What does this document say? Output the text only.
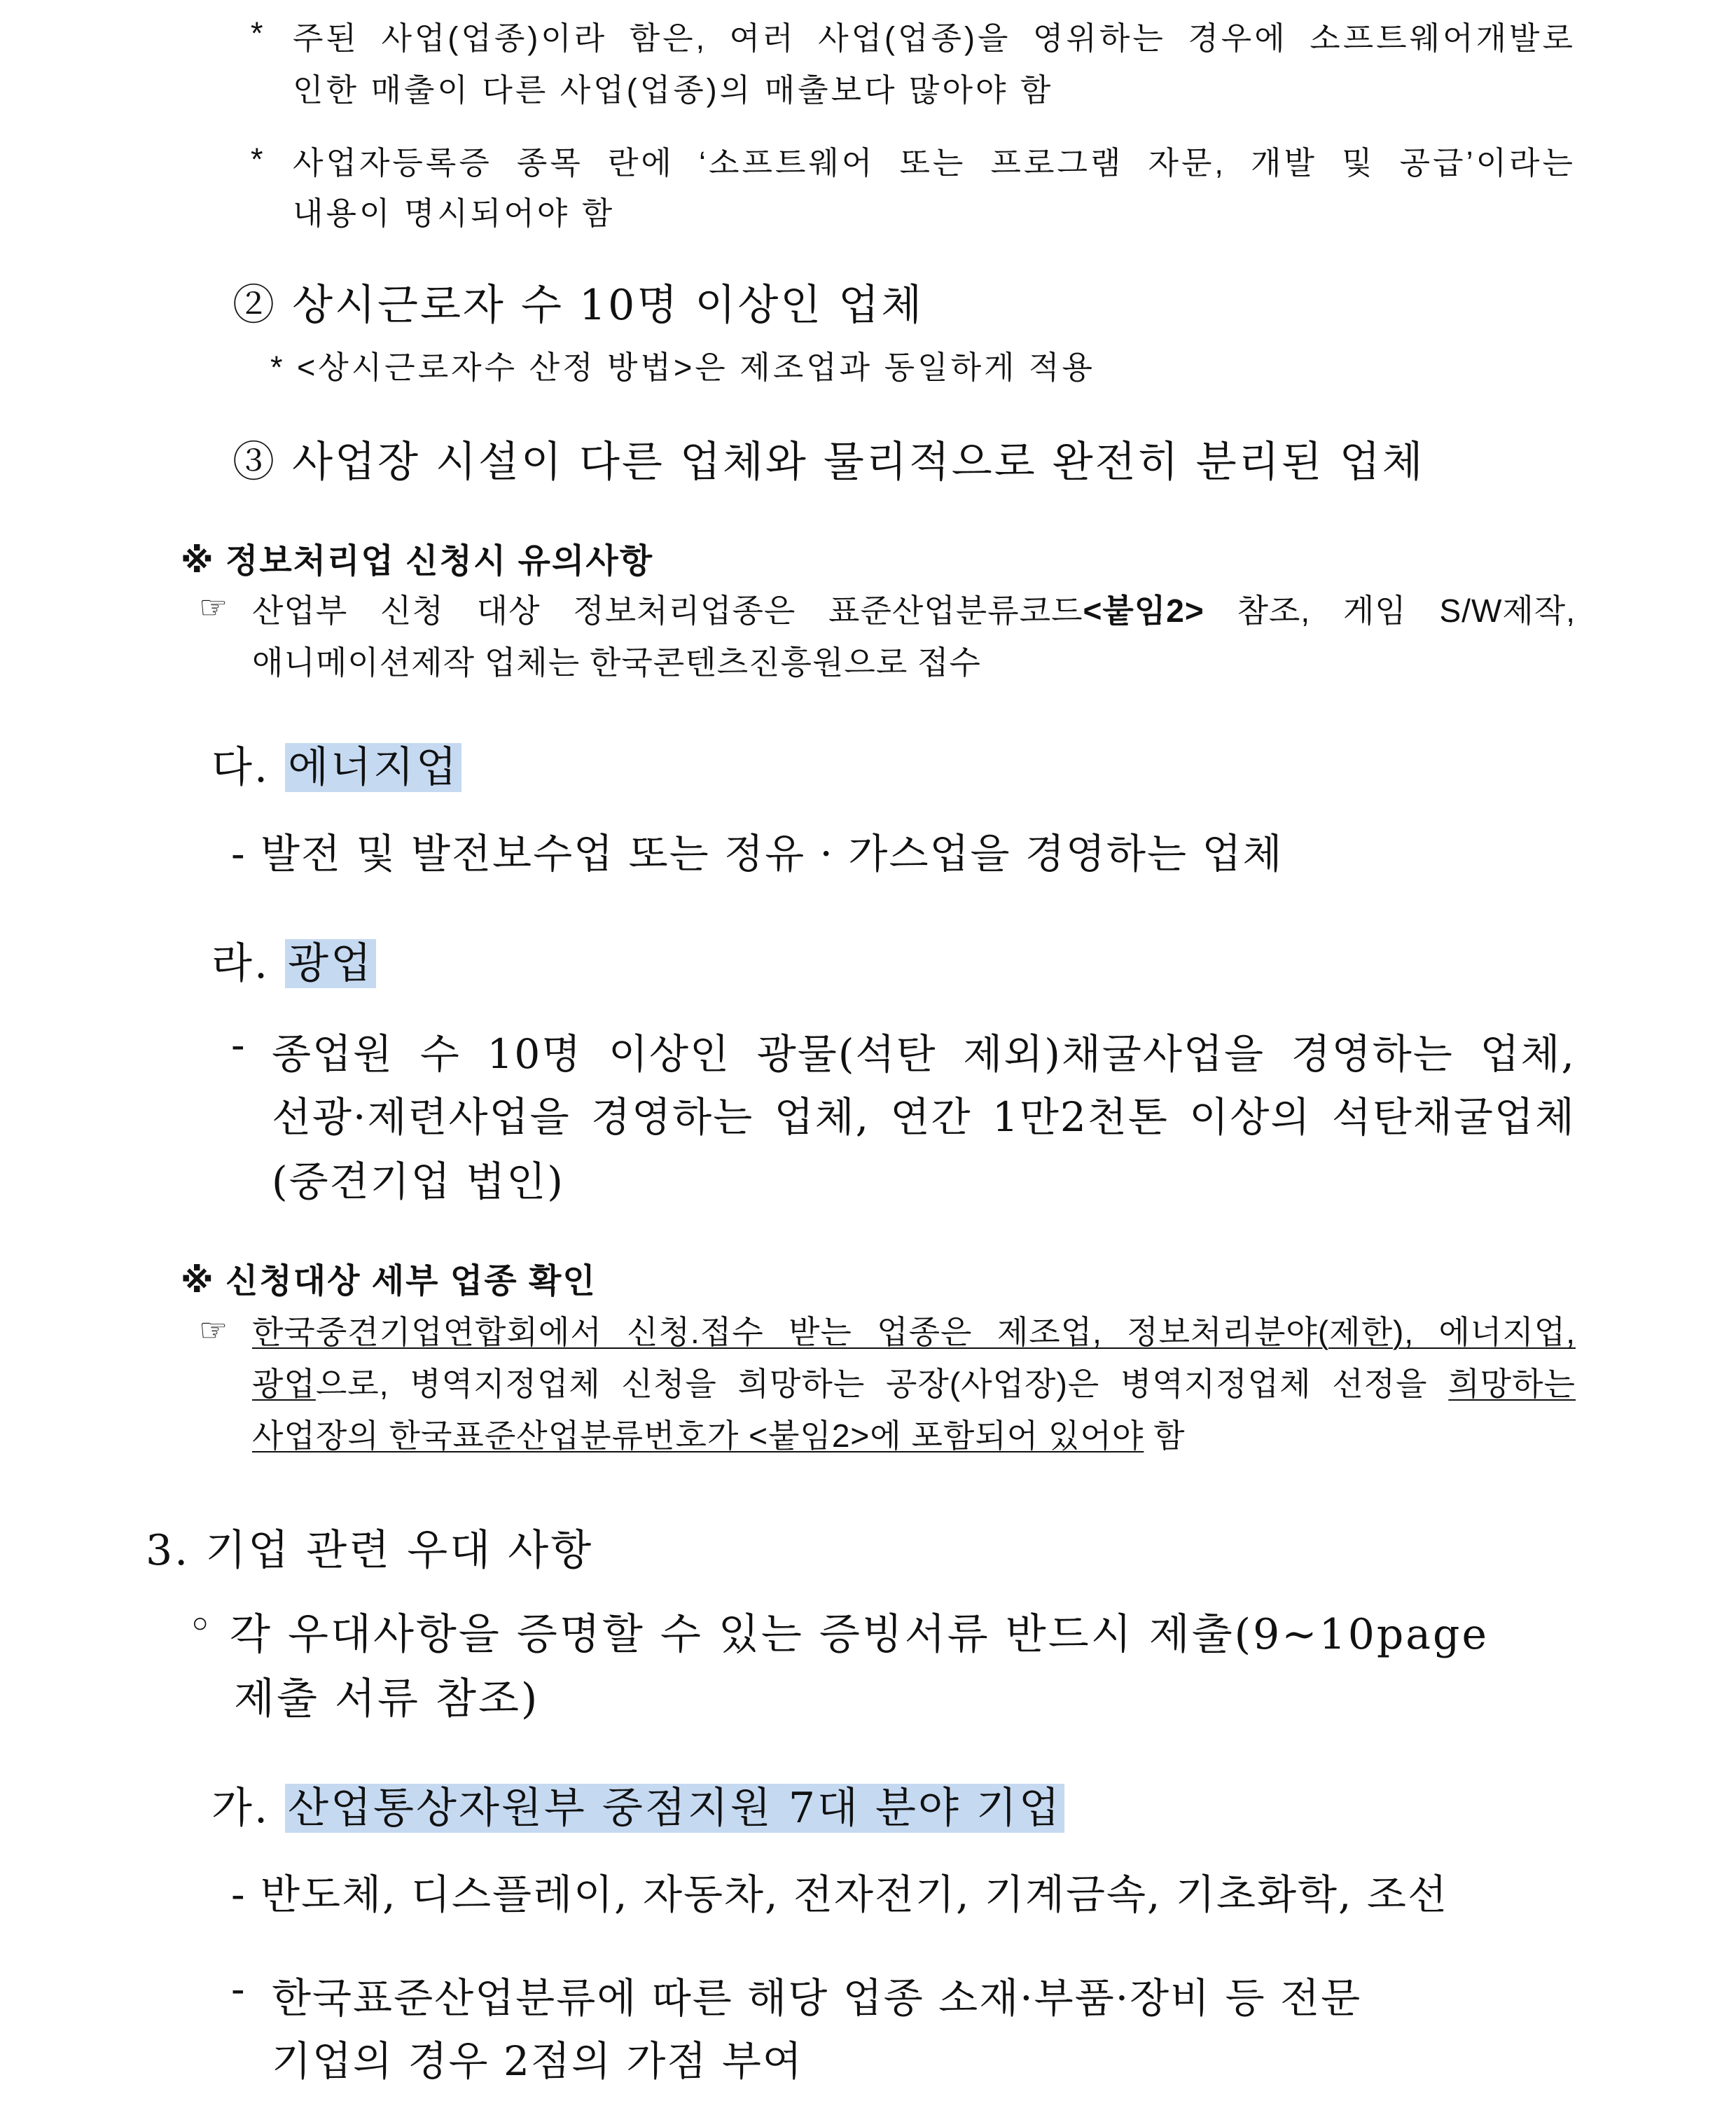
* 주된 사업(업종)이라 함은, 여러 사업(업종)을 영위하는 경우에 소프트웨어개발로
인한 매출이 다른 사업(업종)의 매출보다 많아야 함
* 사업자등록증 종목 란에 ‘소프트웨어 또는 프로그램 자문, 개발 및 공급’이라는
내용이 명시되어야 함
② 상시근로자 수 10명 이상인 업체
* <상시근로자수 산정 방법>은 제조업과 동일하게 적용
③ 사업장 시설이 다른 업체와 물리적으로 완전히 분리된 업체
※ 정보처리업 신청시 유의사항
☞ 산업부 신청 대상 정보처리업종은 표준산업분류코드<붙임2> 참조, 게임 S/W제작,
애니메이션제작 업체는 한국콘텐츠진흥원으로 접수
다. 에너지업
- 발전 및 발전보수업 또는 정유 · 가스업을 경영하는 업체
라. 광업
- 종업원 수 10명 이상인 광물(석탄 제외)채굴사업을 경영하는 업체,
선광·제련사업을 경영하는 업체, 연간 1만2천톤 이상의 석탄채굴업체
(중견기업 법인)
※ 신청대상 세부 업종 확인
☞ 한국중견기업연합회에서 신청.접수 받는 업종은 제조업, 정보처리분야(제한), 에너지업,
광업으로, 병역지정업체 신청을 희망하는 공장(사업장)은 병역지정업체 선정을 희망하는
사업장의 한국표준산업분류번호가 <붙임2>에 포함되어 있어야 함
3. 기업 관련 우대 사항
◦ 각 우대사항을 증명할 수 있는 증빙서류 반드시 제출(9~10page
제출 서류 참조)
가. 산업통상자원부 중점지원 7대 분야 기업
- 반도체, 디스플레이, 자동차, 전자전기, 기계금속, 기초화학, 조선
- 한국표준산업분류에 따른 해당 업종 소재·부품·장비 등 전문
기업의 경우 2점의 가점 부여
